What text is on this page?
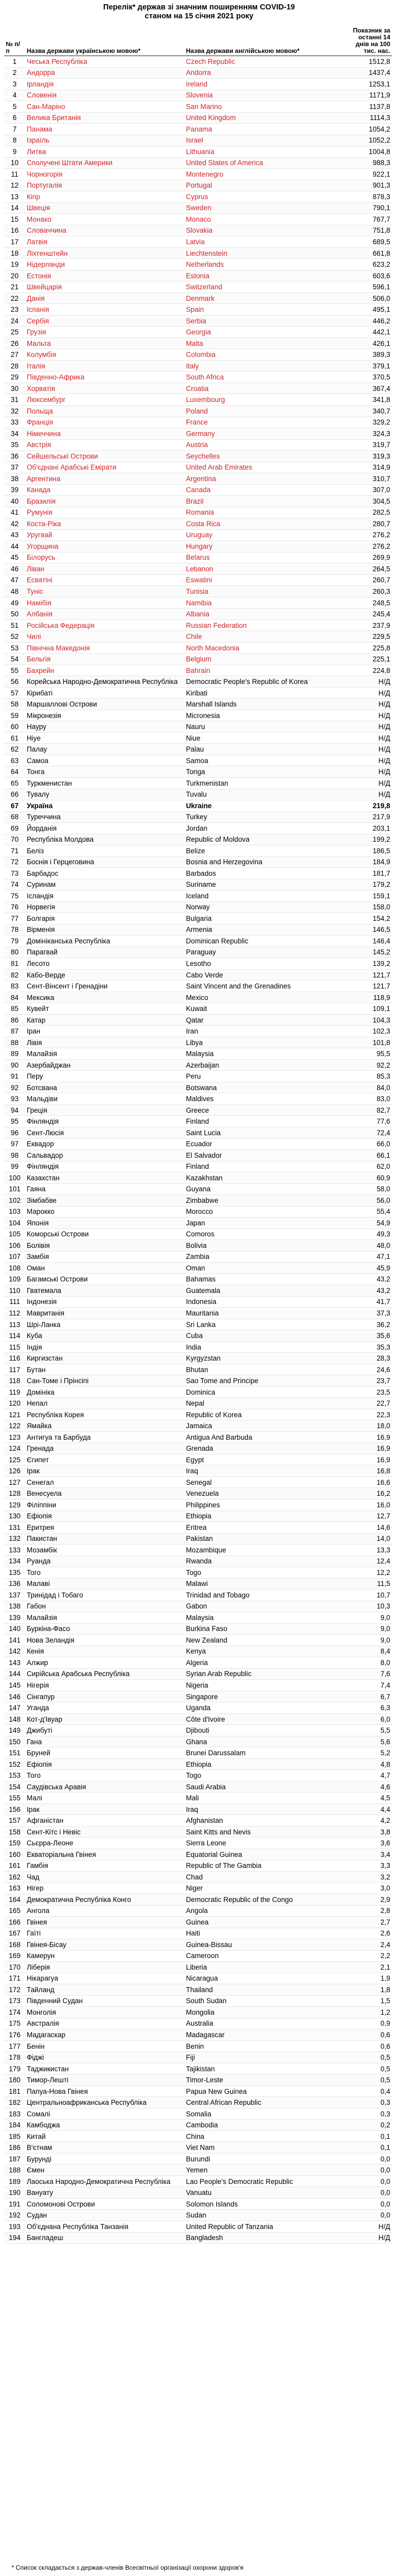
Перелік* держав зі значним поширенням COVID-19
станом на 15 січня 2021 року
№ п/п	Назва держави українською мовою*	Назва держави англійською мовою*	Показник за останні 14 днів на 100 тис. нас.
1	Чеська Республіка	Czech Republic	1512,8
2	Андорра	Andorra	1437,4
3	Ірландія	Ireland	1253,1
4	Словенія	Slovenia	1171,9
5	Сан-Маріно	San Marino	1137,8
6	Велика Британія	United Kingdom	1114,3
7	Панама	Panama	1054,2
8	Ізраїль	Israel	1052,2
9	Литва	Lithuania	1004,8
10	Сполучені Штати Америки	United States of America	988,3
11	Чорногорія	Montenegro	922,1
12	Португалія	Portugal	901,3
13	Кіпр	Cyprus	878,3
14	Швеція	Sweden	790,1
15	Монако	Monaco	767,7
16	Словаччина	Slovakia	751,8
17	Латвія	Latvia	689,5
18	Ліхтенштейн	Liechtenstein	661,8
19	Нідерланди	Netherlands	623,2
20	Естонія	Estonia	603,6
21	Швейцарія	Switzerland	596,1
22	Данія	Denmark	506,0
23	Іспанія	Spain	495,1
24	Сербія	Serbia	446,2
25	Грузія	Georgia	442,1
26	Мальта	Malta	426,1
27	Колумбія	Colombia	389,3
28	Італія	Italy	379,1
29	Південно-Африка	South Africa	370,5
30	Хорватія	Croatia	367,4
31	Люксембург	Luxembourg	341,8
32	Польща	Poland	340,7
33	Франція	France	329,2
34	Німеччина	Germany	324,3
35	Австрія	Austria	319,7
36	Сейшельські Острови	Seychelles	319,3
37	Об'єднані Арабські Емірати	United Arab Emirates	314,9
38	Аргентина	Argentina	310,7
39	Канада	Canada	307,0
40	Бразилія	Brazil	304,5
41	Румунія	Romania	282,5
42	Коста-Ріка	Costa Rica	280,7
43	Уругвай	Uruguay	276,2
44	Угорщина	Hungary	276,2
45	Білорусь	Belarus	269,9
46	Ліван	Lebanon	264,5
47	Есватіні	Eswatini	260,7
48	Туніс	Tunisia	260,3
49	Намібія	Namibia	248,5
50	Албанія	Albania	245,4
51	Російська Федерація	Russian Federation	237,9
52	Чилі	Chile	229,5
53	Північна Македонія	North Macedonia	225,8
54	Бельгія	Belgium	225,1
55	Бахрейн	Bahrain	224,8
56	Корейська Народно-Демократична Республіка	Democratic People's Republic of Korea	Н/Д
57	Кірибаті	Kiribati	Н/Д
58	Маршаллові Острови	Marshall Islands	Н/Д
59	Мікронезія	Micronesia	Н/Д
60	Науру	Nauru	Н/Д
61	Ніуе	Niue	Н/Д
62	Палау	Palau	Н/Д
63	Самоа	Samoa	Н/Д
64	Тонга	Tonga	Н/Д
65	Туркменистан	Turkmenistan	Н/Д
66	Тувалу	Tuvalu	Н/Д
67	Україна	Ukraine	219,8
68	Туреччина	Turkey	217,9
69	Йорданія	Jordan	203,1
70	Республіка Молдова	Republic of Moldova	199,2
71	Беліз	Belize	186,5
72	Боснія і Герцеговина	Bosnia and Herzegovina	184,9
73	Барбадос	Barbados	181,7
74	Суринам	Suriname	179,2
75	Ісландія	Iceland	159,1
76	Норвегія	Norway	158,0
77	Болгарія	Bulgaria	154,2
78	Вірменія	Armenia	146,5
79	Домініканська Республіка	Dominican Republic	146,4
80	Парагвай	Paraguay	145,2
81	Лесото	Lesotho	139,2
82	Кабо-Верде	Cabo Verde	121,7
83	Сент-Вінсент і Гренадіни	Saint Vincent and the Grenadines	121,7
84	Мексика	Mexico	118,9
85	Кувейт	Kuwait	109,1
86	Катар	Qatar	104,3
87	Іран	Iran	102,3
88	Лівія	Libya	101,8
89	Малайзія	Malaysia	95,5
90	Азербайджан	Azerbaijan	92,2
91	Перу	Peru	85,3
92	Ботсвана	Botswana	84,0
93	Мальдіви	Maldives	83,0
94	Греція	Greece	82,7
95	Фінляндія	Finland	77,6
96	Сент-Люсія	Saint Lucia	72,4
97	Еквадор	Ecuador	66,0
98	Сальвадор	El Salvador	66,1
99	Фінляндія	Finland	62,0
100	Казахстан	Kazakhstan	60,9
101	Гаяна	Guyana	58,0
102	Зімбабве	Zimbabwe	56,0
103	Марокко	Morocco	55,4
104	Японія	Japan	54,9
105	Коморські Острови	Comoros	49,3
106	Болівія	Bolivia	48,0
107	Замбія	Zambia	47,1
108	Оман	Oman	45,9
109	Багамські Острови	Bahamas	43,2
110	Гватемала	Guatemala	43,2
111	Індонезія	Indonesia	41,7
112	Мавританія	Mauritania	37,3
113	Шрі-Ланка	Sri Lanka	36,2
114	Куба	Cuba	35,6
115	Індія	India	35,3
116	Киргизстан	Kyrgyzstan	28,3
117	Бутан	Bhutan	24,6
118	Сан-Томе і Прінсіпі	Sao Tome and Principe	23,7
119	Домініка	Dominica	23,5
120	Непал	Nepal	22,7
121	Республіка Корея	Republic of Korea	22,3
122	Ямайка	Jamaica	18,0
123	Антигуа та Барбуда	Antigua And Barbuda	16,9
124	Гренада	Grenada	16,9
125	Єгипет	Egypt	16,9
126	Ірак	Iraq	16,8
127	Сенегал	Senegal	16,6
128	Венесуела	Venezuela	16,2
129	Філіппіни	Philippines	16,0
130	Ефіопія	Ethiopia	12,7
131	Еритрея	Eritrea	14,6
132	Пакистан	Pakistan	14,0
133	Мозамбік	Mozambique	13,3
134	Руанда	Rwanda	12,4
135	Того	Togo	12,2
136	Малаві	Malawi	11,5
137	Тринідад і Тобаго	Trinidad and Tobago	10,7
138	Габон	Gabon	10,3
139	Малайзія	Malaysia	9,0
140	Буркіна-Фасо	Burkina Faso	9,0
141	Нова Зеландія	New Zealand	9,0
142	Кенія	Kenya	8,4
143	Алжир	Algeria	8,0
144	Сирійська Арабська Республіка	Syrian Arab Republic	7,6
145	Нігерія	Nigeria	7,4
146	Сінгапур	Singapore	6,7
147	Уганда	Uganda	6,3
148	Кот-д'Івуар	Côte d'Ivoire	6,0
149	Джибуті	Djibouti	5,5
150	Гана	Ghana	5,6
151	Бруней	Brunei Darussalam	5,2
152	Ефіопія	Ethiopia	4,8
153	Того	Togo	4,7
154	Саудівська Аравія	Saudi Arabia	4,6
155	Малі	Mali	4,5
156	Ірак	Iraq	4,4
157	Афганістан	Afghanistan	4,2
158	Сент-Кітс і Невіс	Saint Kitts and Nevis	3,8
159	Сьєрра-Леоне	Sierra Leone	3,6
160	Екваторіальна Гвінея	Equatorial Guinea	3,4
161	Гамбія	Republic of The Gambia	3,3
162	Чад	Chad	3,2
163	Нігер	Niger	3,0
164	Демократична Республіка Конго	Democratic Republic of the Congo	2,9
165	Ангола	Angola	2,8
166	Гвінея	Guinea	2,7
167	Гаїті	Haiti	2,6
168	Гвінея-Бісау	Guinea-Bissau	2,4
169	Камерун	Cameroon	2,2
170	Ліберія	Liberia	2,1
171	Нікарагуа	Nicaragua	1,9
172	Тайланд	Thailand	1,8
173	Південний Судан	South Sudan	1,5
174	Монголія	Mongolia	1,2
175	Австралія	Australia	0,9
176	Мадагаскар	Madagascar	0,6
177	Бенін	Benin	0,6
178	Фіджі	Fiji	0,5
179	Таджикистан	Tajikistan	0,5
180	Тимор-Лешті	Timor-Leste	0,5
181	Папуа-Нова Гвінея	Papua New Guinea	0,4
182	Центральноафриканська Республіка	Central African Republic	0,3
183	Сомалі	Somalia	0,3
184	Камбоджа	Cambodia	0,2
185	Китай	China	0,1
186	В'єтнам	Viet Nam	0,1
187	Бурунді	Burundi	0,0
188	Ємен	Yemen	0,0
189	Лаоська Народно-Демократична Республіка	Lao People's Democratic Republic	0,0
190	Вануату	Vanuatu	0,0
191	Соломонові Острови	Solomon Islands	0,0
192	Судан	Sudan	0,0
193	Об'єднана Республіка Танзанія	United Republic of Tanzania	Н/Д
194	Бангладеш	Bangladesh	Н/Д
* Список складається з держав-членів Всесвітньої організації охорони здоров'я
